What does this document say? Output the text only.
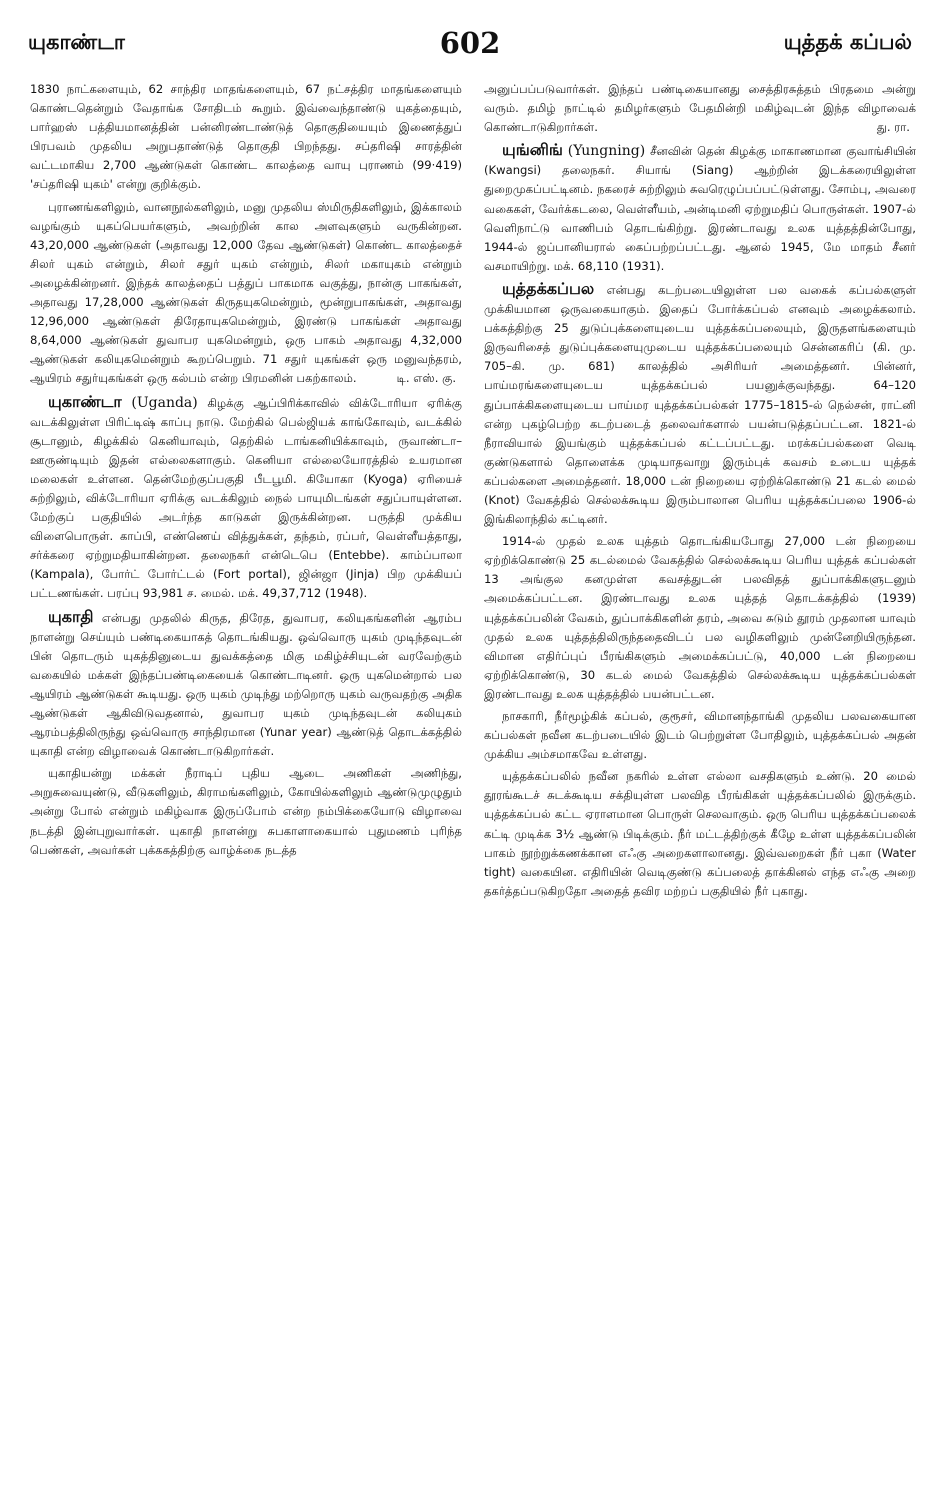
யுகாண்டா	602	யுத்தக் கப்பல்

1830 நாட்களையும், 62 சாந்திர மாதங்களையும், 67 நட்சத்திர மாதங்களையும் கொண்டதென்றும் வேதாங்க சோதிடம் கூறும். இவ்வைந்தாண்டு யுகத்தையும், பார்ஹஸ் பத்தியமானத்தின் பன்னிரண்டாண்டுத் தொகுதியையும் இணைத்துப் பிரபவம் முதலிய அறுபதாண்டுத் தொகுதி பிறந்தது. சப்தரிஷி சாரத்தின் வட்டமாகிய 2,700 ஆண்டுகள் கொண்ட காலத்தை வாயு புராணம் (99·419) 'சப்தரிஷி யுகம்' என்று குறிக்கும்.

புராணங்களிலும், வானநூல்களிலும், மனு முதலிய ஸ்மிருதிகளிலும், இக்காலம் வழங்கும் யுகப்பெயர்களும், அவற்றின் கால அளவுகளும் வருகின்றன. 43,20,000 ஆண்டுகள் (அதாவது 12,000 தேவ ஆண்டுகள்) கொண்ட காலத்தைச் சிலர் யுகம் என்றும், சிலர் சதுர் யுகம் என்றும், சிலர் மகாயுகம் என்றும் அழைக்கின்றனர். இந்தக் காலத்தைப் பத்துப் பாகமாக வகுத்து, நான்கு பாகங்கள், அதாவது 17,28,000 ஆண்டுகள் கிருதயுகமென்றும், மூன்றுபாகங்கள், அதாவது 12,96,000 ஆண்டுகள் திரேதாயுகமென்றும், இரண்டு பாகங்கள் அதாவது 8,64,000 ஆண்டுகள் துவாபர யுகமென்றும், ஒரு பாகம் அதாவது 4,32,000 ஆண்டுகள் கலியுகமென்றும் கூறப்பெறும். 71 சதுர் யுகங்கள் ஒரு மனுவந்தரம், ஆயிரம் சதுர்யுகங்கள் ஒரு கல்பம் என்ற பிரமனின் பகற்காலம்.	டி. எஸ். கு.

யுகாண்டா (Uganda) கிழக்கு ஆப்பிரிக்காவில் விக்டோரியா ஏரிக்கு வடக்கிலுள்ள பிரிட்டிஷ் காப்பு நாடு. மேற்கில் பெல்ஜியக் காங்கோவும், வடக்கில் சூடானும், கிழக்கில் கெனியாவும், தெற்கில் டாங்கனியிக்காவும், ருவாண்டா–ஊருண்டியும் இதன் எல்லைகளாகும். கெனியா எல்லையோரத்தில் உயரமான மலைகள் உள்ளன. தென்மேற்குப்பகுதி பீடபூமி. கியோகா (Kyoga) ஏரியைச் சுற்றிலும், விக்டோரியா ஏரிக்கு வடக்கிலும் நைல் பாயுமிடங்கள் சதுப்பாயுள்ளன. மேற்குப் பகுதியில் அடர்ந்த காடுகள் இருக்கின்றன. பருத்தி முக்கிய விளைபொருள். காப்பி, எண்ணெய் வித்துக்கள், தந்தம், ரப்பர், வெள்ளீயத்தாது, சர்க்கரை ஏற்றுமதியாகின்றன. தலைநகர் என்டெபெ (Entebbe). காம்ப்பாலா (Kampala), போர்ட் போர்ட்டல் (Fort portal), ஜின்ஜா (Jinja) பிற முக்கியப் பட்டணங்கள். பரப்பு 93,981 ச. மைல். மக். 49,37,712 (1948).

யுகாதி என்பது முதலில் கிருத, திரேத, துவாபர, கலியுகங்களின் ஆரம்ப நாளன்று செய்யும் பண்டிகையாகத் தொடங்கியது. ஒவ்வொரு யுகம் முடிந்தவுடன் பின் தொடரும் யுகத்தினுடைய துவக்கத்தை மிகு மகிழ்ச்சியுடன் வரவேற்கும் வகையில் மக்கள் இந்தப்பண்டிகையைக் கொண்டாடினர். ஒரு யுகமென்றால் பல ஆயிரம் ஆண்டுகள் கூடியது. ஒரு யுகம் முடிந்து மற்றொரு யுகம் வருவதற்கு அதிக ஆண்டுகள் ஆகிவிடுவதனால், துவாபர யுகம் முடிந்தவுடன் கலியுகம் ஆரம்பத்திலிருந்து ஒவ்வொரு சாந்திரமான (Yunar year) ஆண்டுத் தொடக்கத்தில் யுகாதி என்ற விழாவைக் கொண்டாடுகிறார்கள்.

யுகாதியன்று மக்கள் நீராடிப் புதிய ஆடை அணிகள் அணிந்து, அறுசுவையுண்டு, வீடுகளிலும், கிராமங்களிலும், கோயில்களிலும் ஆண்டுமுழுதும் அன்று போல் என்றும் மகிழ்வாக இருப்போம் என்ற நம்பிக்கையோடு விழாவை நடத்தி இன்புறுவார்கள். யுகாதி நாளன்று சுபகாளாகையால் புதுமணம் புரிந்த பெண்கள், அவர்கள் புக்ககத்திற்கு வாழ்க்கை நடத்த

அனுப்பப்படுவார்கள். இந்தப் பண்டிகையானது சைத்திரசுத்தம் பிரதமை அன்று வரும். தமிழ் நாட்டில் தமிழர்களும் பேதமின்றி மகிழ்வுடன் இந்த விழாவைக் கொண்டாடுகிறார்கள்.	து. ரா.

யுங்னிங் (Yungning) சீனவின் தென் கிழக்கு மாகாணமான குவாங்சியின் (Kwangsi) தலைநகர். சியாங் (Siang) ஆற்றின் இடக்கரையிலுள்ள துறைமுகப்பட்டினம். நகரைச் சுற்றிலும் சுவரெழுப்பப்பட்டுள்ளது. சோம்பு, அவரை வகைகள், வேர்க்கடலை, வெள்ளீயம், அன்டிமனி ஏற்றுமதிப் பொருள்கள். 1907-ல் வெளிநாட்டு வாணிபம் தொடங்கிற்று. இரண்டாவது உலக யுத்தத்தின்போது, 1944-ல் ஜப்பானியரால் கைப்பற்றப்பட்டது. ஆனல் 1945, மே மாதம் சீனர் வசமாயிற்று. மக். 68,110 (1931).

யுத்தக்கப்பல என்பது கடற்படையிலுள்ள பல வகைக் கப்பல்களுள் முக்கியமான ஒருவகையாகும். இதைப் போர்க்கப்பல் எனவும் அழைக்கலாம். பக்கத்திற்கு 25 துடுப்புக்களையுடைய யுத்தக்கப்பலையும், இருதளங்களையும் இருவரிசைத் துடுப்புக்களையுமுடைய யுத்தக்கப்பலையும் சென்னகரிப் (கி. மு. 705–கி. மு. 681) காலத்தில் அசிரியர் அமைத்தனர். பின்னர், பாய்மரங்களையுடைய யுத்தக்கப்பல் பயனுக்குவந்தது. 64–120 துப்பாக்கிகளையுடைய பாய்மர யுத்தக்கப்பல்கள் 1775–1815-ல் நெல்சன், ராட்னி என்ற புகழ்பெற்ற கடற்படைத் தலைவர்களால் பயன்படுத்தப்பட்டன. 1821-ல் நீராவியால் இயங்கும் யுத்தக்கப்பல் கட்டப்பட்டது. மரக்கப்பல்களை வெடி குண்டுகளால் தொளைக்க முடியாதவாறு இரும்புக் கவசம் உடைய யுத்தக் கப்பல்களை அமைத்தனர். 18,000 டன் நிறையை ஏற்றிக்கொண்டு 21 கடல் மைல் (Knot) வேகத்தில் செல்லக்கூடிய இரும்பாலான பெரிய யுத்தக்கப்பலை 1906-ல் இங்கிலாந்தில் கட்டினர்.

1914-ல் முதல் உலக யுத்தம் தொடங்கியபோது 27,000 டன் நிறையை ஏற்றிக்கொண்டு 25 கடல்மைல் வேகத்தில் செல்லக்கூடிய பெரிய யுத்தக் கப்பல்கள் 13 அங்குல கனமுள்ள கவசத்துடன் பலவிதத் துப்பாக்கிகளுடனும் அமைக்கப்பட்டன. இரண்டாவது உலக யுத்தத் தொடக்கத்தில் (1939) யுத்தக்கப்பலின் வேகம், துப்பாக்கிகளின் தரம், அவை சுடும் தூரம் முதலான யாவும் முதல் உலக யுத்தத்திலிருந்ததைவிடப் பல வழிகளிலும் முன்னேறியிருந்தன. விமான எதிர்ப்புப் பீரங்கிகளும் அமைக்கப்பட்டு, 40,000 டன் நிறையை ஏற்றிக்கொண்டு, 30 கடல் மைல் வேகத்தில் செல்லக்கூடிய யுத்தக்கப்பல்கள் இரண்டாவது உலக யுத்தத்தில் பயன்பட்டன.

நாசகாரி, நீர்மூழ்கிக் கப்பல், குரூசர், விமானந்தாங்கி முதலிய பலவகையான கப்பல்கள் நவீன கடற்படையில் இடம் பெற்றுள்ள போதிலும், யுத்தக்கப்பல் அதன் முக்கிய அம்சமாகவே உள்ளது.

யுத்தக்கப்பலில் நவீன நகரில் உள்ள எல்லா வசதிகளும் உண்டு. 20 மைல் தூரங்கூடச் சுடக்கூடிய சக்தியுள்ள பலவித பீரங்கிகள் யுத்தக்கப்பலில் இருக்கும். யுத்தக்கப்பல் கட்ட ஏராளமான பொருள் செலவாகும். ஒரு பெரிய யுத்தக்கப்பலைக் கட்டி முடிக்க 3½ ஆண்டு பிடிக்கும். நீர் மட்டத்திற்குக் கீழே உள்ள யுத்தக்கப்பலின் பாகம் நூற்றுக்கணக்கான எஃகு அறைகளாலானது. இவ்வறைகள் நீர் புகா (Water tight) வகையின. எதிரியின் வெடிகுண்டு கப்பலைத் தாக்கினல் எந்த எஃகு அறை தகர்த்தப்படுகிறதோ அதைத் தவிர மற்றப் பகுதியில் நீர் புகாது.
